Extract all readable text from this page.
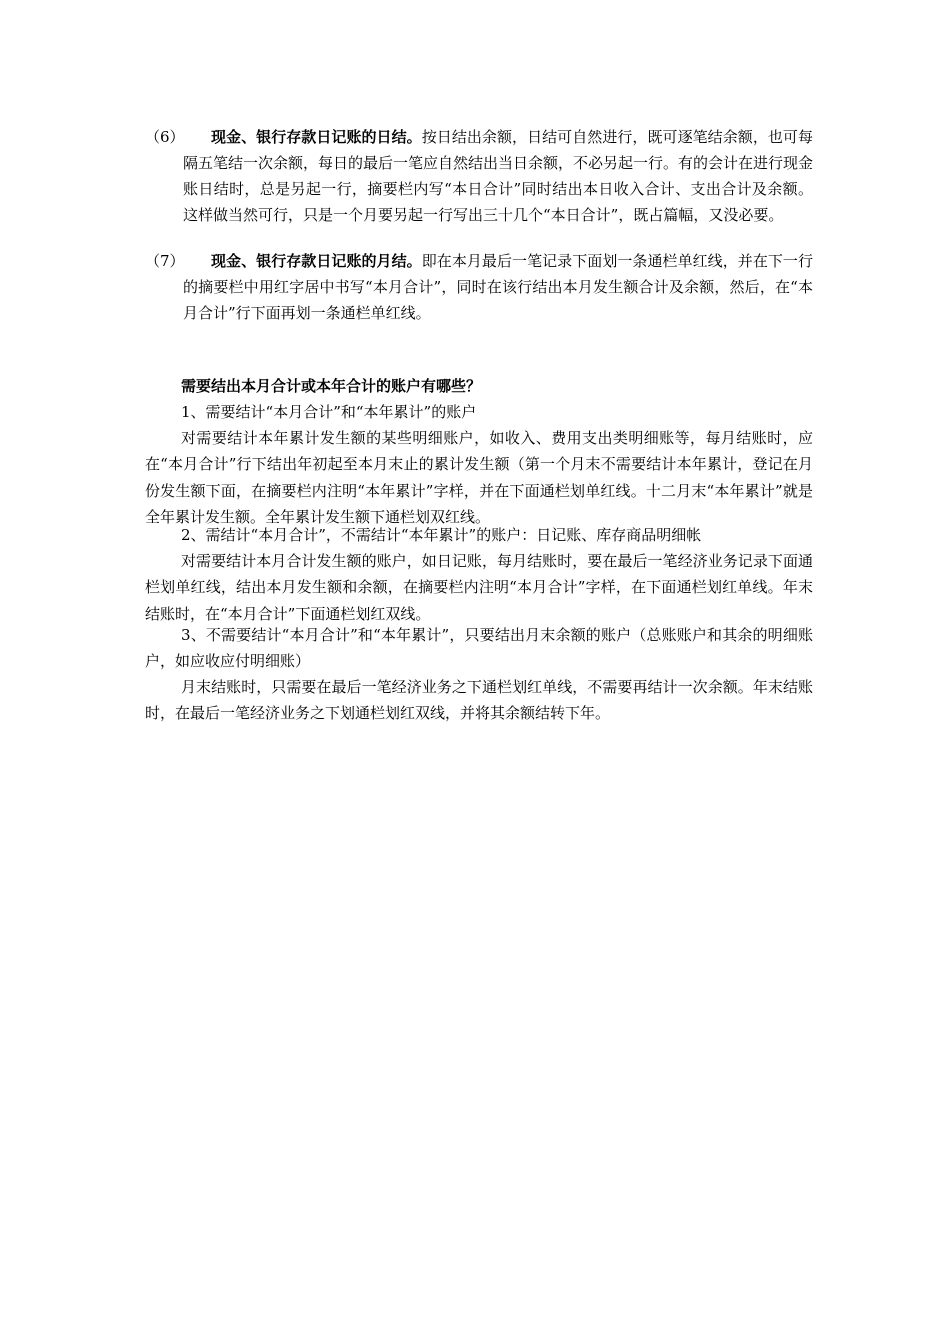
（6）	现金、银行存款日记账的日结。按日结出余额，日结可自然进行，既可逐笔结余额，也可每隔五笔结一次余额，每日的最后一笔应自然结出当日余额，不必另起一行。有的会计在进行现金账日结时，总是另起一行，摘要栏内写“本日合计”同时结出本日收入合计、支出合计及余额。这样做当然可行，只是一个月要另起一行写出三十几个“本日合计”，既占篇幅，又没必要。
（7）	现金、银行存款日记账的月结。即在本月最后一笔记录下面划一条通栏单红线，并在下一行的摘要栏中用红字居中书写“本月合计”，同时在该行结出本月发生额合计及余额，然后，在“本月合计”行下面再划一条通栏单红线。

需要结出本月合计或本年合计的账户有哪些？

1、需要结计“本月合计”和“本年累计”的账户

对需要结计本年累计发生额的某些明细账户，如收入、费用支出类明细账等，每月结账时，应在“本月合计”行下结出年初起至本月末止的累计发生额（第一个月末不需要结计本年累计，登记在月份发生额下面，在摘要栏内注明“本年累计”字样，并在下面通栏划单红线。十二月末“本年累计”就是全年累计发生额。全年累计发生额下通栏划双红线。

2、需结计“本月合计”，不需结计“本年累计”的账户：日记账、库存商品明细帐

对需要结计本月合计发生额的账户，如日记账，每月结账时，要在最后一笔经济业务记录下面通栏划单红线，结出本月发生额和余额，在摘要栏内注明“本月合计”字样，在下面通栏划红单线。年末结账时，在“本月合计”下面通栏划红双线。

3、不需要结计“本月合计”和“本年累计”，只要结出月末余额的账户（总账账户和其余的明细账户，如应收应付明细账）

月末结账时，只需要在最后一笔经济业务之下通栏划红单线，不需要再结计一次余额。年末结账时，在最后一笔经济业务之下划通栏划红双线，并将其余额结转下年。
